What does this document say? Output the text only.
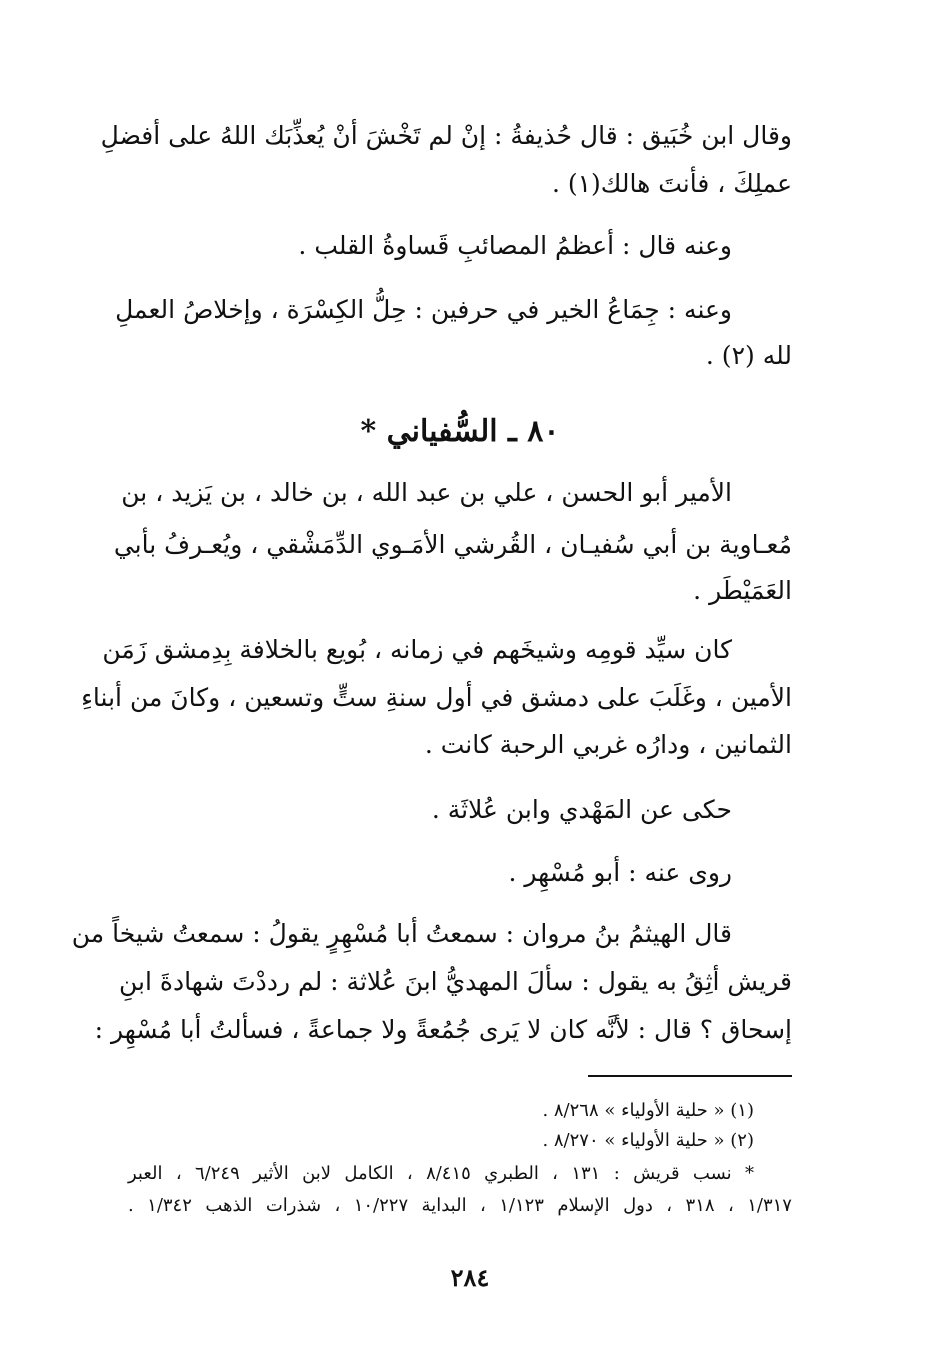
وقال ابن خُبَيق : قال حُذيفةُ : إنْ لم تَخْشَ أنْ يُعذِّبَك اللهُ على أفضلِ
عملِكَ ، فأنتَ هالك(١) .
وعنه قال : أعظمُ المصائبِ قَساوةُ القلب .
وعنه : جِمَاعُ الخير في حرفين : حِلُّ الكِسْرَة ، وإخلاصُ العملِ
لله (٢) .
٨٠ ـ السُّفياني *
الأمير أبو الحسن ، علي بن عبد الله ، بن خالد ، بن يَزيد ، بن
مُعـاوية بن أبي سُفيـان ، القُرشي الأمَـوي الدِّمَشْقي ، ويُعـرفُ بأبي
العَمَيْطَر .
كان سيِّد قومِه وشيخَهم في زمانه ، بُويع بالخلافة بِدِمشق زَمَن
الأمين ، وغَلَبَ على دمشق في أول سنةِ ستٍّ وتسعين ، وكانَ من أبناءِ
الثمانين ، ودارُه غربي الرحبة كانت .
حكى عن المَهْدي وابن عُلاثَة .
روى عنه : أبو مُسْهِر .
قال الهيثمُ بنُ مروان : سمعتُ أبا مُسْهِرٍ يقولُ : سمعتُ شيخاً من
قريش أثِقُ به يقول : سألَ المهديُّ ابنَ عُلاثة : لم رددْتَ شهادةَ ابنِ
إسحاق ؟ قال : لأنَّه كان لا يَرى جُمُعةً ولا جماعةً ، فسألتُ أبا مُسْهِر :
(١) « حلية الأولياء » ٨/٢٦٨ .
(٢) « حلية الأولياء » ٨/٢٧٠ .
* نسب قريش : ١٣١ ، الطبري ٨/٤١٥ ، الكامل لابن الأثير ٦/٢٤٩ ، العبر
١/٣١٧ ، ٣١٨ ، دول الإسلام ١/١٢٣ ، البداية ١٠/٢٢٧ ، شذرات الذهب ١/٣٤٢ .
٢٨٤
